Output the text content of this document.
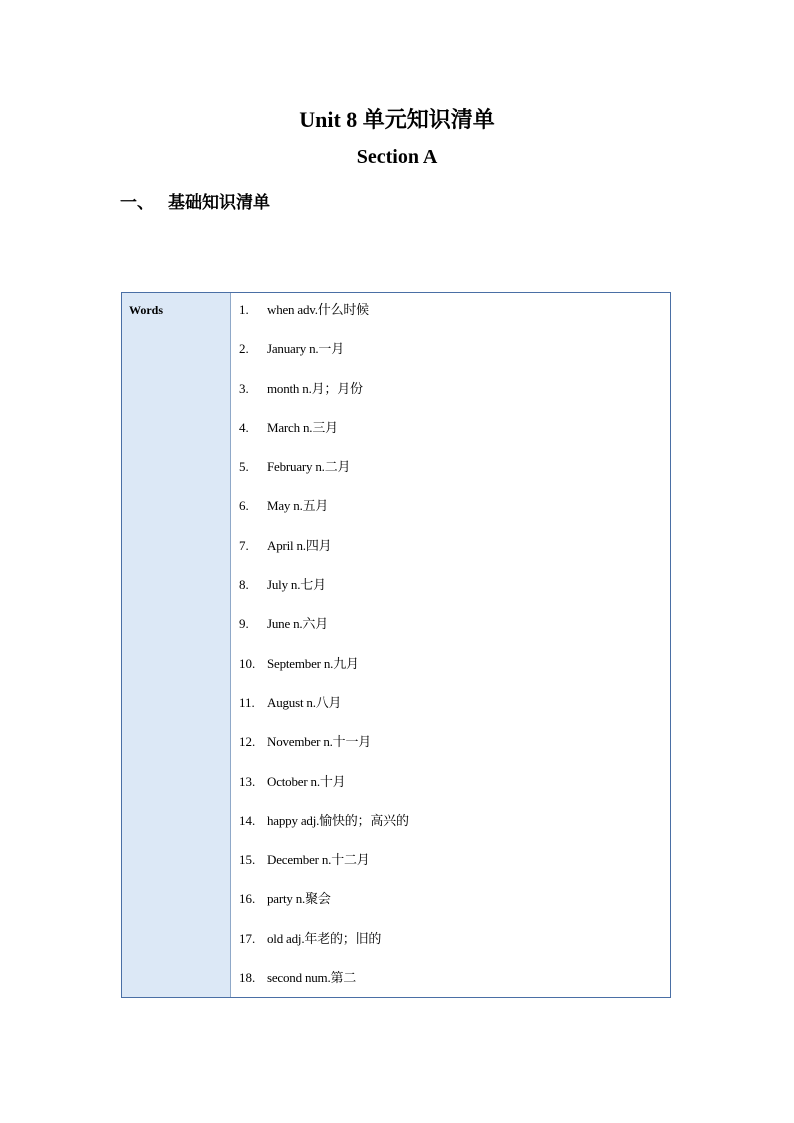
Unit 8 单元知识清单
Section A
一、 基础知识清单
Words	1.	when adv.什么时候
2.	January n.一月
3.	month n.月；月份
4.	March n.三月
5.	February n.二月
6.	May n.五月
7.	April n.四月
8.	July n.七月
9.	June n.六月
10. September n.九月
11. August n.八月
12. November n.十一月
13. October n.十月
14. happy adj.愉快的；高兴的
15. December n.十二月
16. party n.聚会
17. old adj.年老的；旧的
18. second num.第二
